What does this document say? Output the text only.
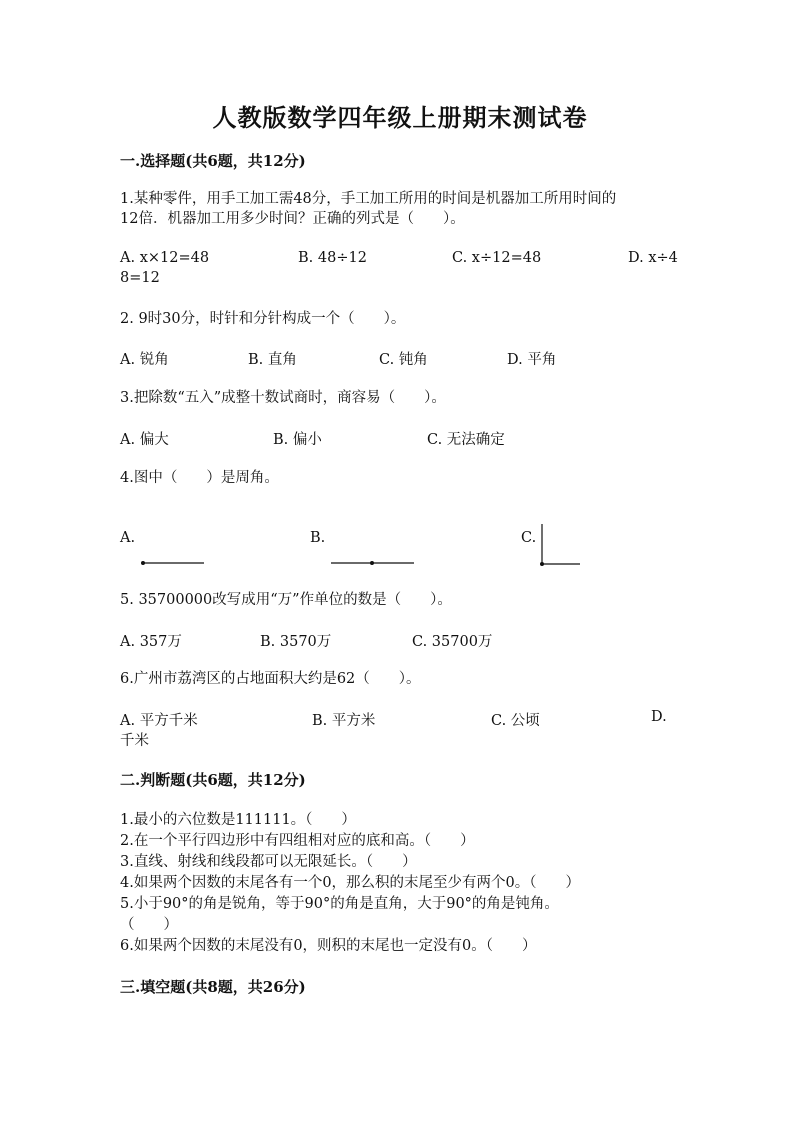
人教版数学四年级上册期末测试卷
一.选择题(共6题，共12分)
1.某种零件，用手工加工需48分，手工加工所用的时间是机器加工所用时间的
12倍．机器加工用多少时间？正确的列式是（　　）。
A. x×12=48	B. 48÷12	C. x÷12=48	D. x÷4
8=12
2. 9时30分，时针和分针构成一个（　　）。
A. 锐角	B. 直角	C. 钝角	D. 平角
3.把除数“五入”成整十数试商时，商容易（　　）。
A. 偏大	B. 偏小	C. 无法确定
4.图中（　　）是周角。
A.	B.	C.
5. 35700000改写成用“万”作单位的数是（　　）。
A. 357万	B. 3570万	C. 35700万
6.广州市荔湾区的占地面积大约是62（　　）。
A. 平方千米	B. 平方米	C. 公顷	D.
千米
二.判断题(共6题，共12分)
1.最小的六位数是111111。（　　）
2.在一个平行四边形中有四组相对应的底和高。（　　）
3.直线、射线和线段都可以无限延长。（　　）
4.如果两个因数的末尾各有一个0，那么积的末尾至少有两个0。（　　）
5.小于90°的角是锐角，等于90°的角是直角，大于90°的角是钝角。
（　　）
6.如果两个因数的末尾没有0，则积的末尾也一定没有0。（　　）
三.填空题(共8题，共26分)
